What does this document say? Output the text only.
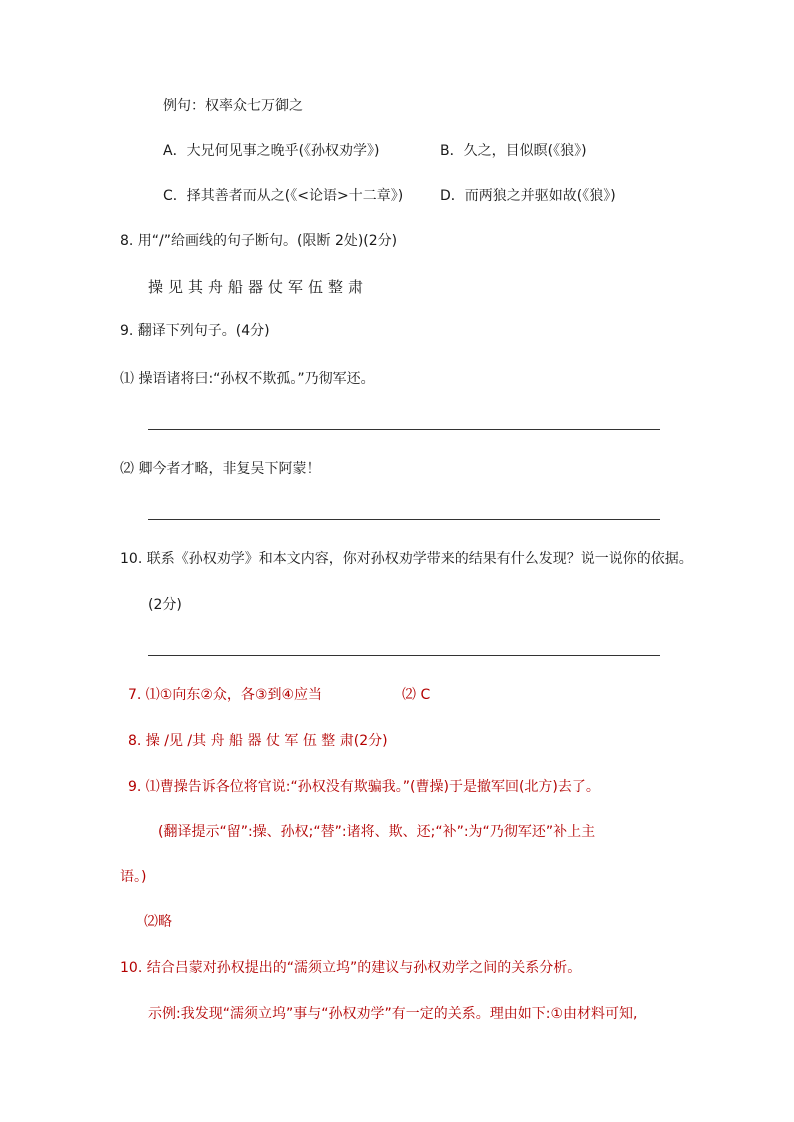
例句：权率众七万御之
A．大兄何见事之晚乎(《孙权劝学》)	B．久之，目似瞑(《狼》)
C．择其善者而从之(《<论语>十二章》)	D．而两狼之并驱如故(《狼》)
8. 用“/”给画线的句子断句。(限断 2处)(2分)
操见其舟船器仗军伍整肃
9. 翻译下列句子。(4分)
⑴ 操语诸将曰:“孙权不欺孤。”乃彻军还。
⑵ 卿今者才略，非复吴下阿蒙！
10. 联系《孙权劝学》和本文内容，你对孙权劝学带来的结果有什么发现？说一说你的依据。
(2分)
7. ⑴①向东②众，各③到④应当	⑵ C
8. 操 /见 /其 舟 船 器 仗 军 伍 整 肃(2分)
9. ⑴曹操告诉各位将官说:“孙权没有欺骗我。”(曹操)于是撤军回(北方)去了。
(翻译提示“留”:操、孙权;“替”:诸将、欺、还;“补”:为“乃彻军还”补上主
语。)
⑵略
10. 结合吕蒙对孙权提出的“濡须立坞”的建议与孙权劝学之间的关系分析。
示例:我发现“濡须立坞”事与“孙权劝学”有一定的关系。理由如下:①由材料可知,
